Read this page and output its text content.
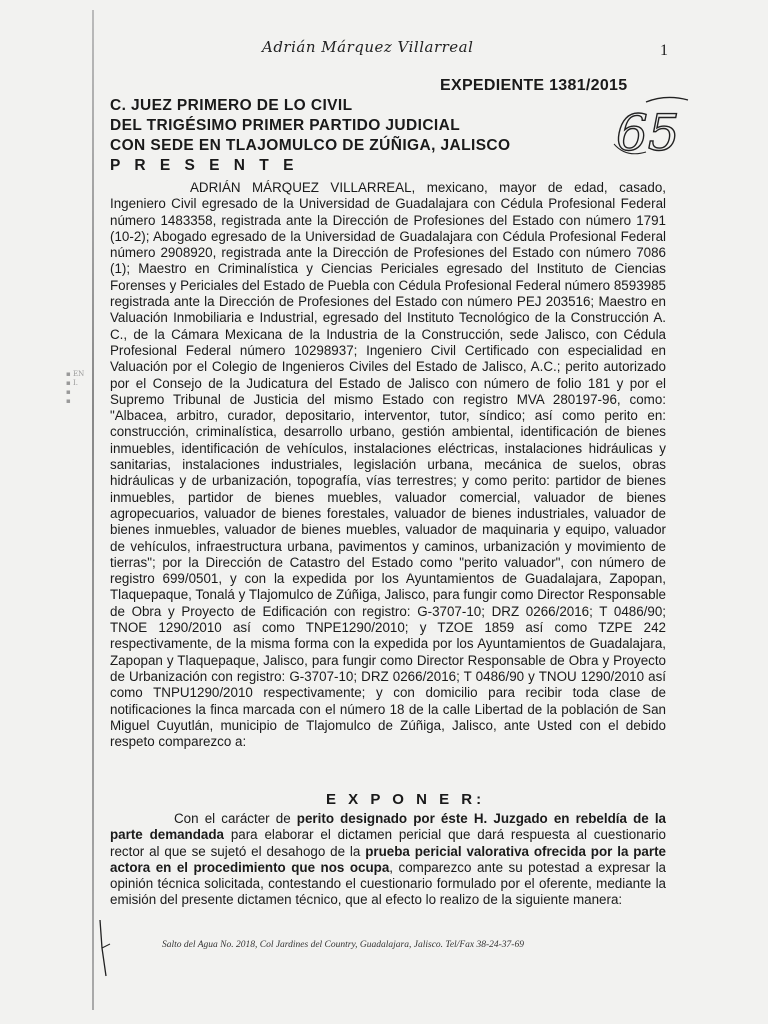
Adrián Márquez Villarreal	1
65
EXPEDIENTE 1381/2015
C. JUEZ PRIMERO DE LO CIVIL
DEL TRIGÉSIMO PRIMER PARTIDO JUDICIAL
CON SEDE EN TLAJOMULCO DE ZÚÑIGA, JALISCO
P R E S E N T E
▪ EN
▪ I.
▪
▪

ADRIÁN MÁRQUEZ VILLARREAL, mexicano, mayor de edad, casado, Ingeniero Civil egresado de la Universidad de Guadalajara con Cédula Profesional Federal número 1483358, registrada ante la Dirección de Profesiones del Estado con número 1791 (10-2); Abogado egresado de la Universidad de Guadalajara con Cédula Profesional Federal número 2908920, registrada ante la Dirección de Profesiones del Estado con número 7086 (1); Maestro en Criminalística y Ciencias Periciales egresado del Instituto de Ciencias Forenses y Periciales del Estado de Puebla con Cédula Profesional Federal número 8593985 registrada ante la Dirección de Profesiones del Estado con número PEJ 203516; Maestro en Valuación Inmobiliaria e Industrial, egresado del Instituto Tecnológico de la Construcción A. C., de la Cámara Mexicana de la Industria de la Construcción, sede Jalisco, con Cédula Profesional Federal número 10298937; Ingeniero Civil Certificado con especialidad en Valuación por el Colegio de Ingenieros Civiles del Estado de Jalisco, A.C.; perito autorizado por el Consejo de la Judicatura del Estado de Jalisco con número de folio 181 y por el Supremo Tribunal de Justicia del mismo Estado con registro MVA 280197-96, como: "Albacea, arbitro, curador, depositario, interventor, tutor, síndico; así como perito en: construcción, criminalística, desarrollo urbano, gestión ambiental, identificación de bienes inmuebles, identificación de vehículos, instalaciones eléctricas, instalaciones hidráulicas y sanitarias, instalaciones industriales, legislación urbana, mecánica de suelos, obras hidráulicas y de urbanización, topografía, vías terrestres; y como perito: partidor de bienes inmuebles, partidor de bienes muebles, valuador comercial, valuador de bienes agropecuarios, valuador de bienes forestales, valuador de bienes industriales, valuador de bienes inmuebles, valuador de bienes muebles, valuador de maquinaria y equipo, valuador de vehículos, infraestructura urbana, pavimentos y caminos, urbanización y movimiento de tierras"; por la Dirección de Catastro del Estado como "perito valuador", con número de registro 699/0501, y con la expedida por los Ayuntamientos de Guadalajara, Zapopan, Tlaquepaque, Tonalá y Tlajomulco de Zúñiga, Jalisco, para fungir como Director Responsable de Obra y Proyecto de Edificación con registro: G-3707-10; DRZ 0266/2016; T 0486/90; TNOE 1290/2010 así como TNPE1290/2010; y TZOE 1859 así como TZPE 242 respectivamente, de la misma forma con la expedida por los Ayuntamientos de Guadalajara, Zapopan y Tlaquepaque, Jalisco, para fungir como Director Responsable de Obra y Proyecto de Urbanización con registro: G-3707-10; DRZ 0266/2016; T 0486/90 y TNOU 1290/2010 así como TNPU1290/2010 respectivamente; y con domicilio para recibir toda clase de notificaciones la finca marcada con el número 18 de la calle Libertad de la población de San Miguel Cuyutlán, municipio de Tlajomulco de Zúñiga, Jalisco, ante Usted con el debido respeto comparezco a:

E X P O N E R:

Con el carácter de perito designado por éste H. Juzgado en rebeldía de la parte demandada para elaborar el dictamen pericial que dará respuesta al cuestionario rector al que se sujetó el desahogo de la prueba pericial valorativa ofrecida por la parte actora en el procedimiento que nos ocupa, comparezco ante su potestad a expresar la opinión técnica solicitada, contestando el cuestionario formulado por el oferente, mediante la emisión del presente dictamen técnico, que al efecto lo realizo de la siguiente manera:

Salto del Agua No. 2018, Col Jardines del Country, Guadalajara, Jalisco. Tel/Fax 38-24-37-69
